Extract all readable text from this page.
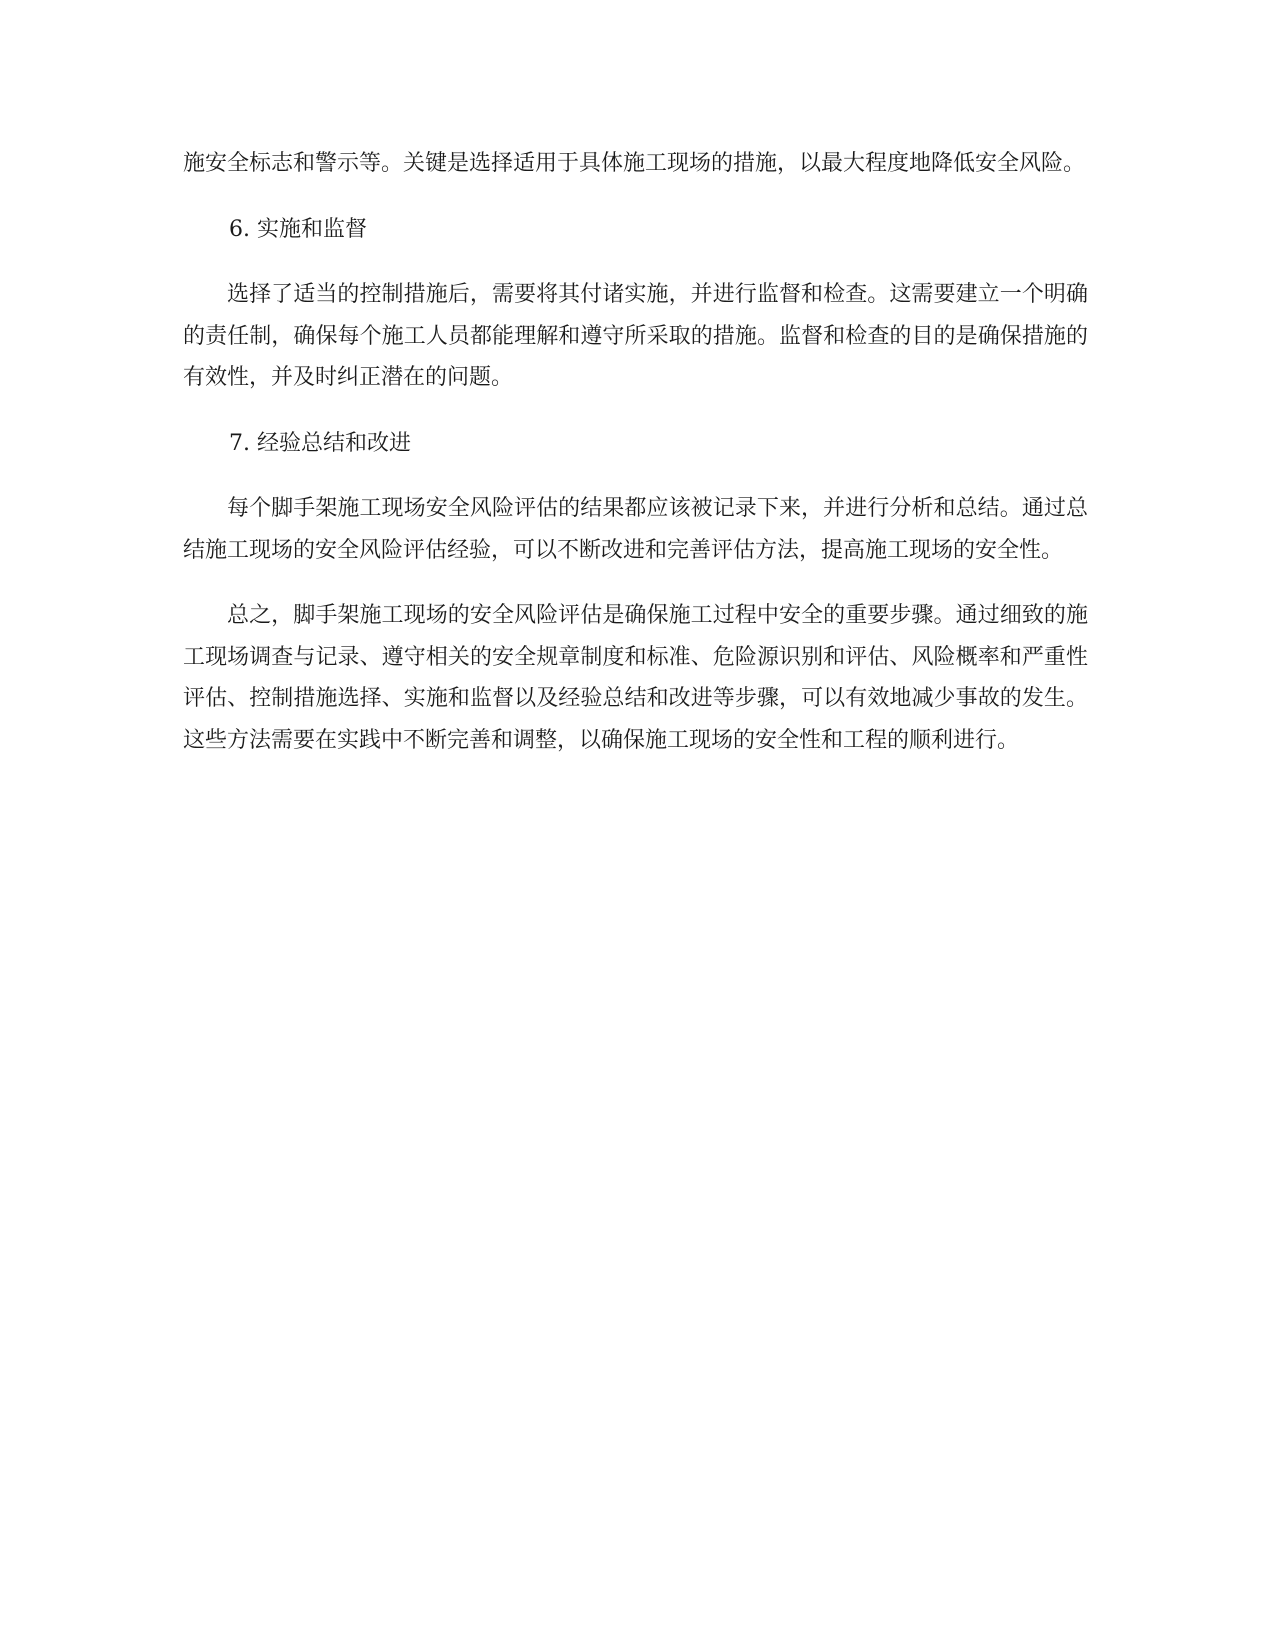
施安全标志和警示等。关键是选择适用于具体施工现场的措施，以最大程度地降低安全风险。

6. 实施和监督

选择了适当的控制措施后，需要将其付诸实施，并进行监督和检查。这需要建立一个明确的责任制，确保每个施工人员都能理解和遵守所采取的措施。监督和检查的目的是确保措施的有效性，并及时纠正潜在的问题。

7. 经验总结和改进

每个脚手架施工现场安全风险评估的结果都应该被记录下来，并进行分析和总结。通过总结施工现场的安全风险评估经验，可以不断改进和完善评估方法，提高施工现场的安全性。

总之，脚手架施工现场的安全风险评估是确保施工过程中安全的重要步骤。通过细致的施工现场调查与记录、遵守相关的安全规章制度和标准、危险源识别和评估、风险概率和严重性评估、控制措施选择、实施和监督以及经验总结和改进等步骤，可以有效地减少事故的发生。这些方法需要在实践中不断完善和调整，以确保施工现场的安全性和工程的顺利进行。
